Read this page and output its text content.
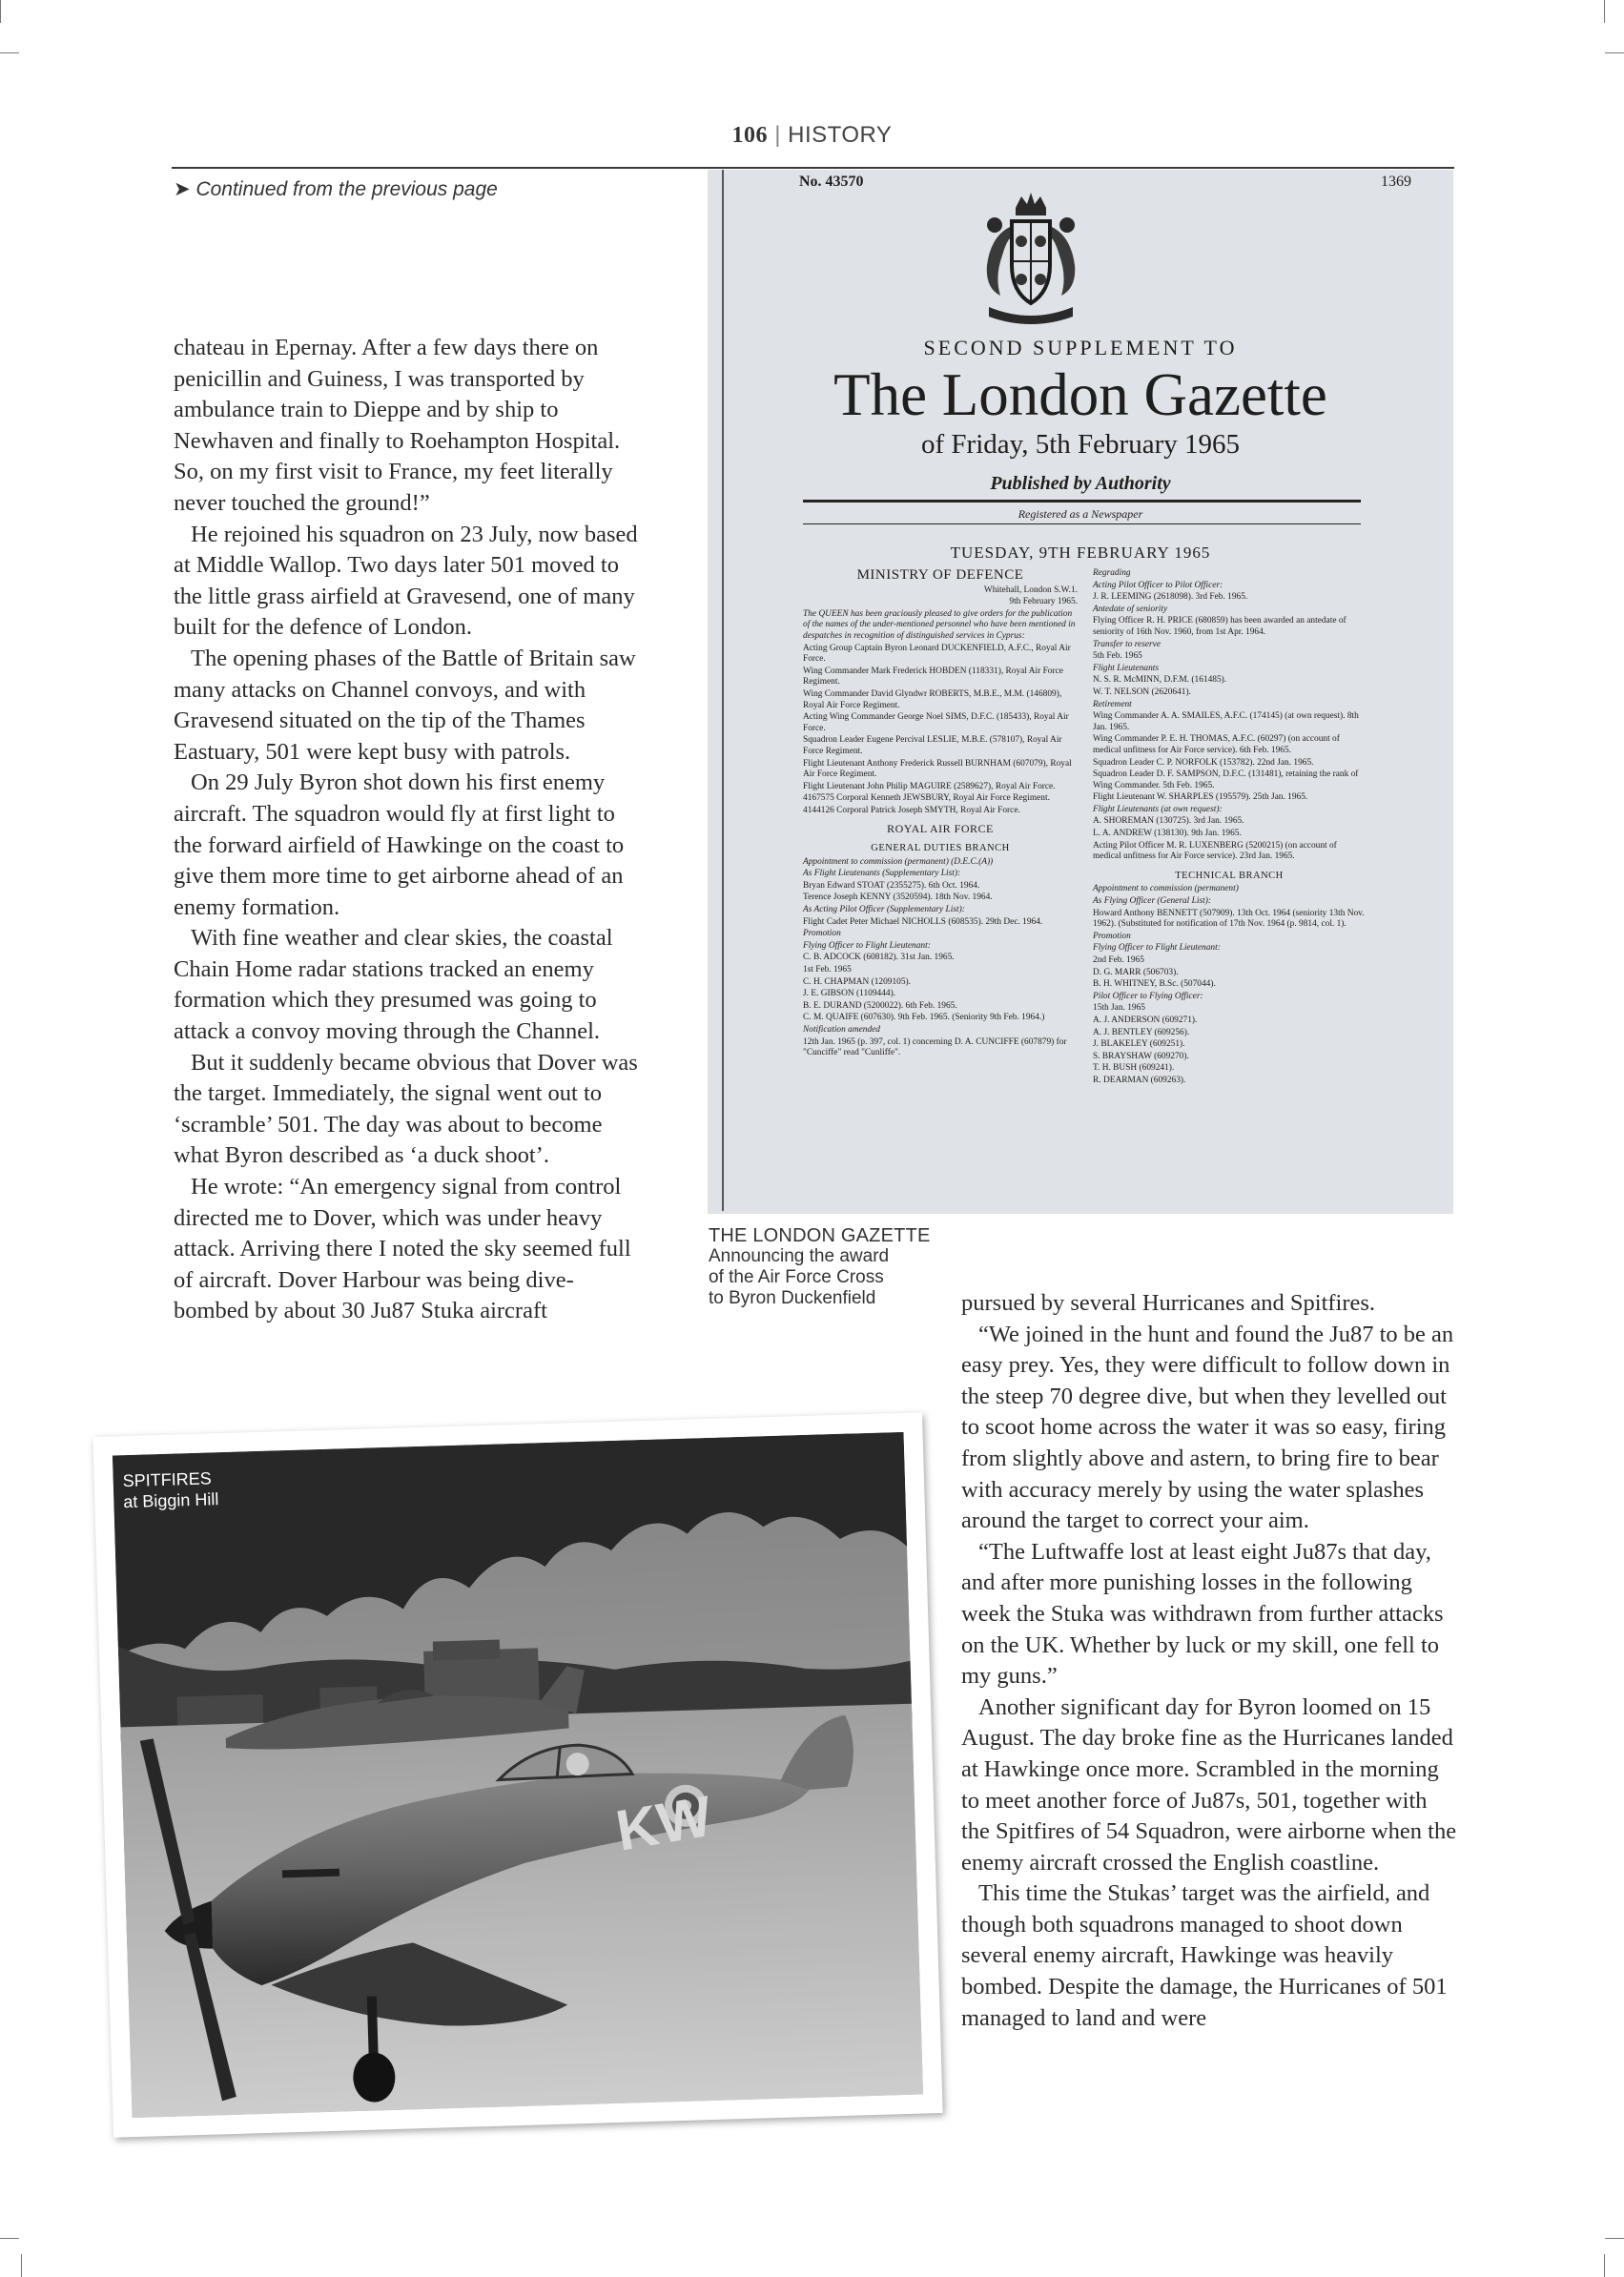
106 | HISTORY
➤ Continued from the previous page

chateau in Epernay. After a few days there on penicillin and Guiness, I was transported by ambulance train to Dieppe and by ship to Newhaven and finally to Roehampton Hospital. So, on my first visit to France, my feet literally never touched the ground!”

He rejoined his squadron on 23 July, now based at Middle Wallop. Two days later 501 moved to the little grass airfield at Gravesend, one of many built for the defence of London.

The opening phases of the Battle of Britain saw many attacks on Channel convoys, and with Gravesend situated on the tip of the Thames Eastuary, 501 were kept busy with patrols.

On 29 July Byron shot down his first enemy aircraft. The squadron would fly at first light to the forward airfield of Hawkinge on the coast to give them more time to get airborne ahead of an enemy formation.

With fine weather and clear skies, the coastal Chain Home radar stations tracked an enemy formation which they presumed was going to attack a convoy moving through the Channel.

But it suddenly became obvious that Dover was the target. Immediately, the signal went out to ‘scramble’ 501. The day was about to become what Byron described as ‘a duck shoot’.

He wrote: “An emergency signal from control directed me to Dover, which was under heavy attack. Arriving there I noted the sky seemed full of aircraft. Dover Harbour was being dive-bombed by about 30 Ju87 Stuka aircraft

No. 43570	1369
SECOND SUPPLEMENT TO
The London Gazette
of Friday, 5th February 1965
Published by Authority
Registered as a Newspaper
TUESDAY, 9TH FEBRUARY 1965
MINISTRY OF DEFENCE

Whitehall, London S.W.1.

9th February 1965.

The QUEEN has been graciously pleased to give orders for the publication of the names of the under-mentioned personnel who have been mentioned in despatches in recognition of distinguished services in Cyprus:

Acting Group Captain Byron Leonard DUCKENFIELD, A.F.C., Royal Air Force.

Wing Commander Mark Frederick HOBDEN (118331), Royal Air Force Regiment.

Wing Commander David Glyndwr ROBERTS, M.B.E., M.M. (146809), Royal Air Force Regiment.

Acting Wing Commander George Noel SIMS, D.F.C. (185433), Royal Air Force.

Squadron Leader Eugene Percival LESLIE, M.B.E. (578107), Royal Air Force Regiment.

Flight Lieutenant Anthony Frederick Russell BURNHAM (607079), Royal Air Force Regiment.

Flight Lieutenant John Philip MAGUIRE (2589627), Royal Air Force.

4167575 Corporal Kenneth JEWSBURY, Royal Air Force Regiment.

4144126 Corporal Patrick Joseph SMYTH, Royal Air Force.

ROYAL AIR FORCE
GENERAL DUTIES BRANCH

Appointment to commission (permanent) (D.E.C.(A))

As Flight Lieutenants (Supplementary List):

Bryan Edward STOAT (2355275). 6th Oct. 1964.

Terence Joseph KENNY (3520594). 18th Nov. 1964.

As Acting Pilot Officer (Supplementary List):

Flight Cadet Peter Michael NICHOLLS (608535). 29th Dec. 1964.

Promotion

Flying Officer to Flight Lieutenant:

C. B. ADCOCK (608182). 31st Jan. 1965.

1st Feb. 1965

C. H. CHAPMAN (1209105).

J. E. GIBSON (1109444).

B. E. DURAND (5200022). 6th Feb. 1965.

C. M. QUAIFE (607630). 9th Feb. 1965. (Seniority 9th Feb. 1964.)

Notification amended

12th Jan. 1965 (p. 397, col. 1) concerning D. A. CUNCIFFE (607879) for "Cunciffe" read "Cunliffe".

Regrading

Acting Pilot Officer to Pilot Officer:

J. R. LEEMING (2618098). 3rd Feb. 1965.

Antedate of seniority

Flying Officer R. H. PRICE (680859) has been awarded an antedate of seniority of 16th Nov. 1960, from 1st Apr. 1964.

Transfer to reserve

5th Feb. 1965

Flight Lieutenants

N. S. R. McMINN, D.F.M. (161485).

W. T. NELSON (2620641).

Retirement

Wing Commander A. A. SMAILES, A.F.C. (174145) (at own request). 8th Jan. 1965.

Wing Commander P. E. H. THOMAS, A.F.C. (60297) (on account of medical unfitness for Air Force service). 6th Feb. 1965.

Squadron Leader C. P. NORFOLK (153782). 22nd Jan. 1965.

Squadron Leader D. F. SAMPSON, D.F.C. (131481), retaining the rank of Wing Commander. 5th Feb. 1965.

Flight Lieutenant W. SHARPLES (195579). 25th Jan. 1965.

Flight Lieutenants (at own request):

A. SHOREMAN (130725). 3rd Jan. 1965.

L. A. ANDREW (138130). 9th Jan. 1965.

Acting Pilot Officer M. R. LUXENBERG (5200215) (on account of medical unfitness for Air Force service). 23rd Jan. 1965.

TECHNICAL BRANCH

Appointment to commission (permanent)

As Flying Officer (General List):

Howard Anthony BENNETT (507909). 13th Oct. 1964 (seniority 13th Nov. 1962). (Substituted for notification of 17th Nov. 1964 (p. 9814, col. 1).

Promotion

Flying Officer to Flight Lieutenant:

2nd Feb. 1965

D. G. MARR (506703).

B. H. WHITNEY, B.Sc. (507044).

Pilot Officer to Flying Officer:

15th Jan. 1965

A. J. ANDERSON (609271).

A. J. BENTLEY (609256).

J. BLAKELEY (609251).

S. BRAYSHAW (609270).

T. H. BUSH (609241).

R. DEARMAN (609263).

THE LONDON GAZETTE
Announcing the award
of the Air Force Cross
to Byron Duckenfield	pursued by several Hurricanes and Spitfires.

“We joined in the hunt and found the Ju87 to be an easy prey. Yes, they were difficult to follow down in the steep 70 degree dive, but when they levelled out to scoot home across the water it was so easy, firing from slightly above and astern, to bring fire to bear with accuracy merely by using the water splashes around the target to correct your aim.

“The Luftwaffe lost at least eight Ju87s that day, and after more punishing losses in the following week the Stuka was withdrawn from further attacks on the UK. Whether by luck or my skill, one fell to my guns.”

Another significant day for Byron loomed on 15 August. The day broke fine as the Hurricanes landed at Hawkinge once more. Scrambled in the morning to meet another force of Ju87s, 501, together with the Spitfires of 54 Squadron, were airborne when the enemy aircraft crossed the English coastline.

This time the Stukas’ target was the airfield, and though both squadrons managed to shoot down several enemy aircraft, Hawkinge was heavily bombed. Despite the damage, the Hurricanes of 501 managed to land and were

KW
SPITFIRES
at Biggin Hill
